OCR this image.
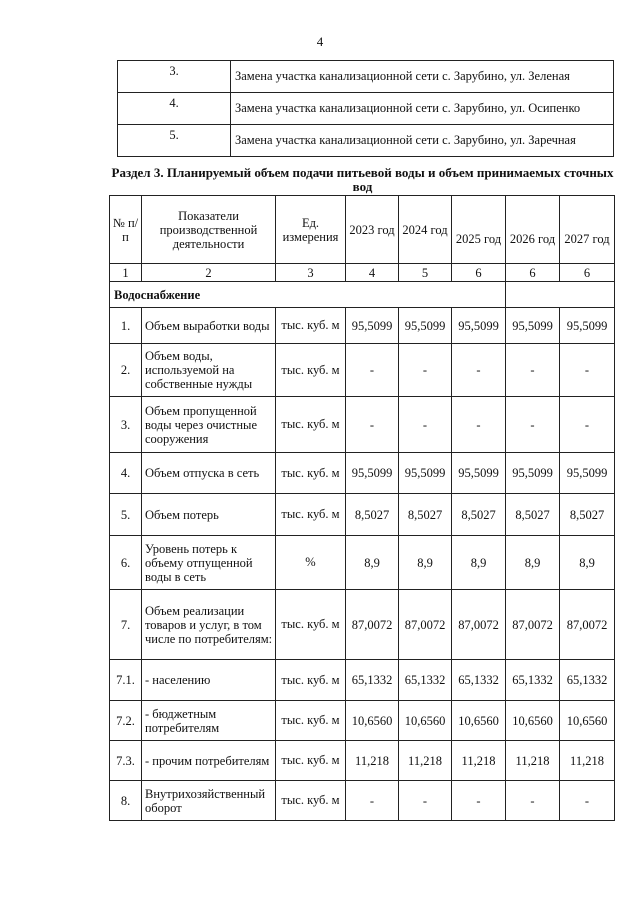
4
3.	Замена участка канализационной сети с. Зарубино, ул. Зеленая
4.	Замена участка канализационной сети с. Зарубино, ул. Осипенко
5.	Замена участка канализационной сети с. Зарубино, ул. Заречная
Раздел 3. Планируемый объем подачи питьевой воды и объем принимаемых сточных вод
№ п/п	Показатели производственной деятельности	Ед. измерения	2023 год	2024 год	2025 год	2026 год	2027 год

1	2	3	4	5	6	6	6
Водоснабжение							
1.	Объем выработки воды	тыс. куб. м	95,5099	95,5099	95,5099	95,5099	95,5099
2.	Объем воды, используемой на собственные нужды	тыс. куб. м	-	-	-	-	-
3.	Объем пропущенной воды через очистные сооружения	тыс. куб. м	-	-	-	-	-
4.	Объем отпуска в сеть	тыс. куб. м	95,5099	95,5099	95,5099	95,5099	95,5099
5.	Объем потерь	тыс. куб. м	8,5027	8,5027	8,5027	8,5027	8,5027
6.	Уровень потерь к объему отпущенной воды в сеть	%	8,9	8,9	8,9	8,9	8,9
7.	Объем реализации товаров и услуг, в том числе по потребителям:	тыс. куб. м	87,0072	87,0072	87,0072	87,0072	87,0072
7.1.	- населению	тыс. куб. м	65,1332	65,1332	65,1332	65,1332	65,1332
7.2.	- бюджетным потребителям	тыс. куб. м	10,6560	10,6560	10,6560	10,6560	10,6560
7.3.	- прочим потребителям	тыс. куб. м	11,218	11,218	11,218	11,218	11,218
8.	Внутрихозяйственный оборот	тыс. куб. м	-	-	-	-	-
